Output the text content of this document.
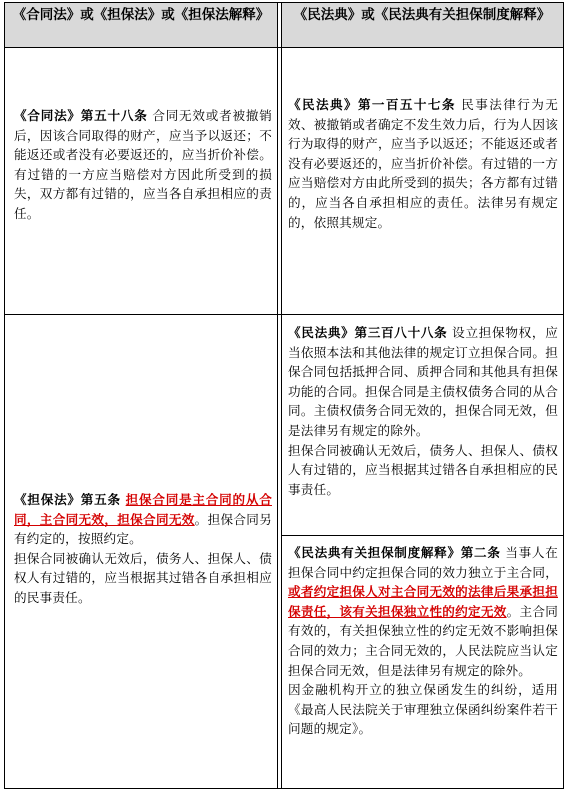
《合同法》或《担保法》或《担保法解释》	《民法典》或《民法典有关担保制度解释》
《合同法》第五十八条 合同无效或者被撤销后，因该合同取得的财产，应当予以返还；不能返还或者没有必要返还的，应当折价补偿。有过错的一方应当赔偿对方因此所受到的损失，双方都有过错的，应当各自承担相应的责任。
《民法典》第一百五十七条 民事法律行为无效、被撤销或者确定不发生效力后，行为人因该行为取得的财产，应当予以返还；不能返还或者没有必要返还的，应当折价补偿。有过错的一方应当赔偿对方由此所受到的损失；各方都有过错的，应当各自承担相应的责任。法律另有规定的，依照其规定。

《担保法》第五条 担保合同是主合同的从合同，主合同无效，担保合同无效。担保合同另有约定的，按照约定。

担保合同被确认无效后，债务人、担保人、债权人有过错的，应当根据其过错各自承担相应的民事责任。

《民法典》第三百八十八条 设立担保物权，应当依照本法和其他法律的规定订立担保合同。担保合同包括抵押合同、质押合同和其他具有担保功能的合同。担保合同是主债权债务合同的从合同。主债权债务合同无效的，担保合同无效，但是法律另有规定的除外。

担保合同被确认无效后，债务人、担保人、债权人有过错的，应当根据其过错各自承担相应的民事责任。

《民法典有关担保制度解释》第二条 当事人在担保合同中约定担保合同的效力独立于主合同，或者约定担保人对主合同无效的法律后果承担担保责任，该有关担保独立性的约定无效。主合同有效的，有关担保独立性的约定无效不影响担保合同的效力；主合同无效的，人民法院应当认定担保合同无效，但是法律另有规定的除外。

因金融机构开立的独立保函发生的纠纷，适用《最高人民法院关于审理独立保函纠纷案件若干问题的规定》。
